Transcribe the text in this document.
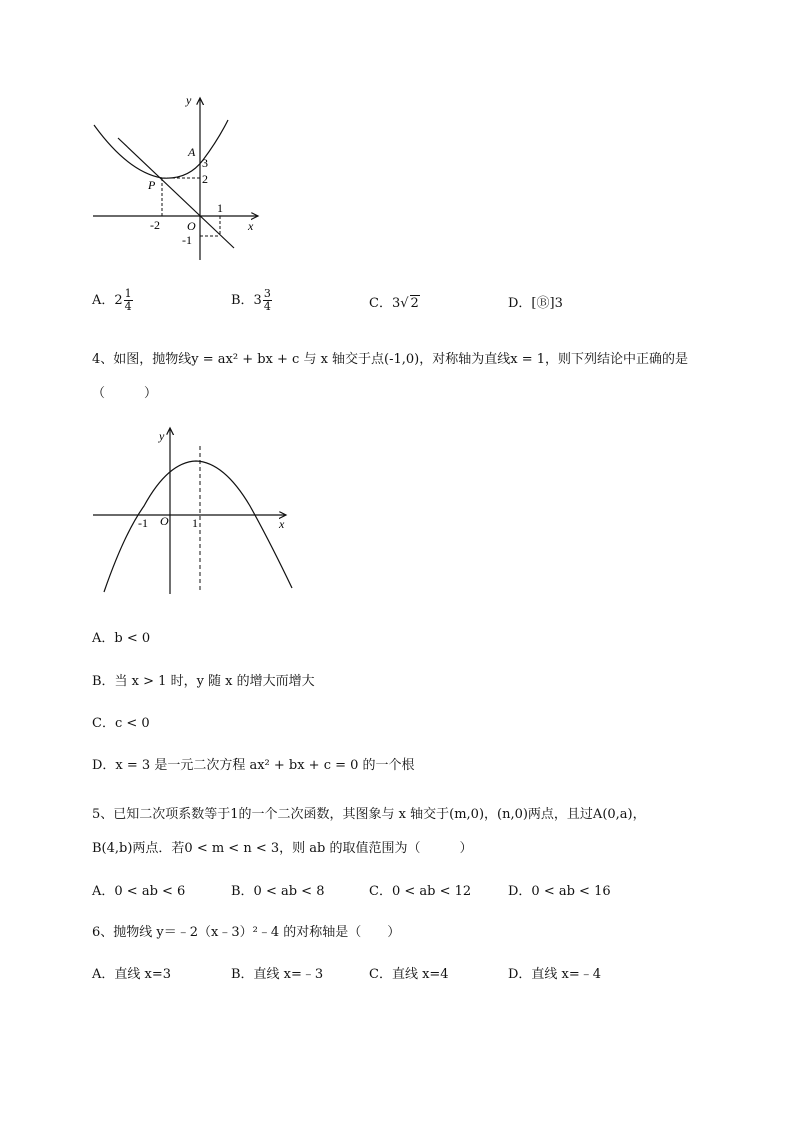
y
x
A
P
O
3
2
-2
1
-1
A．$2 \frac{1}{4}$	B．$3 \frac{3}{4}$	C．3√ 2	D．[Ⓑ]3
4、如图，抛物线y = ax² + bx + c 与 x 轴交于点(-1,0)，对称轴为直线x = 1，则下列结论中正确的是
（　　　）
y
x
O
-1	1
A．b < 0
B．当 x > 1 时，y 随 x 的增大而增大
C．c < 0
D．x = 3 是一元二次方程 ax² + bx + c = 0 的一个根
5、已知二次项系数等于1的一个二次函数，其图象与 x 轴交于(m,0)，(n,0)两点，且过A(0,a)，
B(4,b)两点．若0 < m < n < 3，则 ab 的取值范围为（　　　）
A．0 < ab < 6	B．0 < ab < 8	C．0 < ab < 12	D．0 < ab < 16
6、抛物线 y＝﹣2（x﹣3）²﹣4 的对称轴是（　　）
A．直线 x=3	B．直线 x=﹣3	C．直线 x=4	D．直线 x=﹣4
